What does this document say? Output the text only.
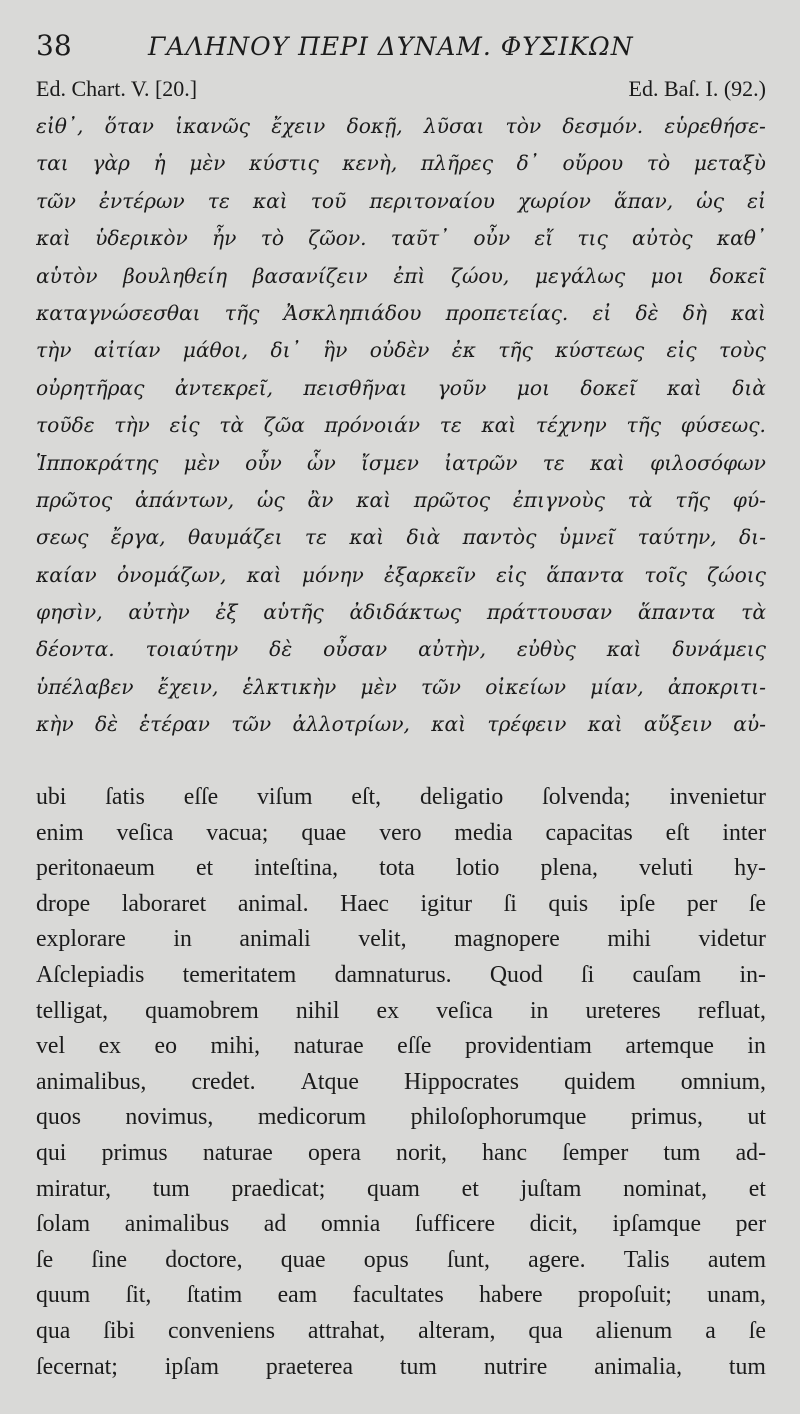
38	ΓΑΛΗΝΟΥ ΠΕΡΙ ΔΥΝΑΜ. ΦΥΣΙΚΩΝ
Ed. Chart. V. [20.]	Ed. Baſ. I. (92.)
εἰθ᾽, ὅταν ἱκανῶς ἔχειν δοκῇ, λῦσαι τὸν δεσμόν. εὑρεθήσε-
ται γὰρ ἡ μὲν κύστις κενὴ, πλῆρες δ᾽ οὔρου τὸ μεταξὺ
τῶν ἐντέρων τε καὶ τοῦ περιτοναίου χωρίον ἅπαν, ὡς εἰ
καὶ ὑδερικὸν ἦν τὸ ζῶον. ταῦτ᾽ οὖν εἴ τις αὐτὸς καθ᾽
αὑτὸν βουληθείη βασανίζειν ἐπὶ ζώου, μεγάλως μοι δοκεῖ
καταγνώσεσθαι τῆς Ἀσκληπιάδου προπετείας. εἰ δὲ δὴ καὶ
τὴν αἰτίαν μάθοι, δι᾽ ἣν οὐδὲν ἐκ τῆς κύστεως εἰς τοὺς
οὐρητῆρας ἀντεκρεῖ, πεισθῆναι γοῦν μοι δοκεῖ καὶ διὰ
τοῦδε τὴν εἰς τὰ ζῶα πρόνοιάν τε καὶ τέχνην τῆς φύσεως.
Ἱπποκράτης μὲν οὖν ὧν ἴσμεν ἰατρῶν τε καὶ φιλοσόφων
πρῶτος ἁπάντων, ὡς ἂν καὶ πρῶτος ἐπιγνοὺς τὰ τῆς φύ-
σεως ἔργα, θαυμάζει τε καὶ διὰ παντὸς ὑμνεῖ ταύτην, δι-
καίαν ὀνομάζων, καὶ μόνην ἐξαρκεῖν εἰς ἅπαντα τοῖς ζώοις
φησὶν, αὐτὴν ἐξ αὑτῆς ἀδιδάκτως πράττουσαν ἅπαντα τὰ
δέοντα. τοιαύτην δὲ οὖσαν αὐτὴν, εὐθὺς καὶ δυνάμεις
ὑπέλαβεν ἔχειν, ἑλκτικὴν μὲν τῶν οἰκείων μίαν, ἀποκριτι-
κὴν δὲ ἑτέραν τῶν ἀλλοτρίων, καὶ τρέφειν καὶ αὔξειν αὐ-
ubi ſatis eſſe viſum eſt, deligatio ſolvenda; invenietur
enim veſica vacua; quae vero media capacitas eſt inter
peritonaeum et inteſtina, tota lotio plena, veluti hy-
drope laboraret animal. Haec igitur ſi quis ipſe per ſe
explorare in animali velit, magnopere mihi videtur
Aſclepiadis temeritatem damnaturus. Quod ſi cauſam in-
telligat, quamobrem nihil ex veſica in ureteres refluat,
vel ex eo mihi, naturae eſſe providentiam artemque in
animalibus, credet. Atque Hippocrates quidem omnium,
quos novimus, medicorum philoſophorumque primus, ut
qui primus naturae opera norit, hanc ſemper tum ad-
miratur, tum praedicat; quam et juſtam nominat, et
ſolam animalibus ad omnia ſufficere dicit, ipſamque per
ſe ſine doctore, quae opus ſunt, agere. Talis autem
quum ſit, ſtatim eam facultates habere propoſuit; unam,
qua ſibi conveniens attrahat, alteram, qua alienum a ſe
ſecernat; ipſam praeterea tum nutrire animalia, tum
